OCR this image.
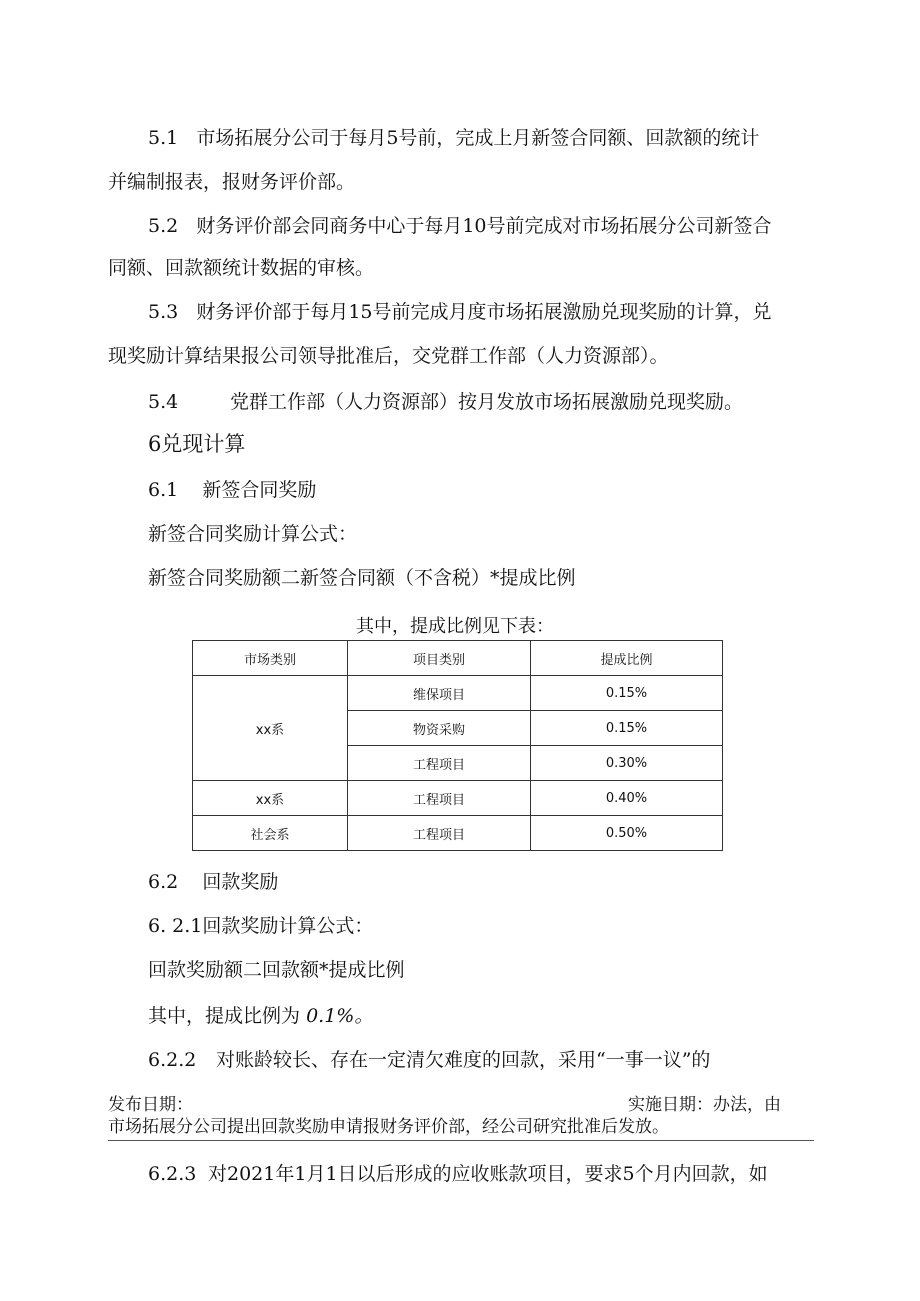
5.1 市场拓展分公司于每月5号前，完成上月新签合同额、回款额的统计
并编制报表，报财务评价部。
5.2 财务评价部会同商务中心于每月10号前完成对市场拓展分公司新签合
同额、回款额统计数据的审核。
5.3 财务评价部于每月15号前完成月度市场拓展激励兑现奖励的计算，兑
现奖励计算结果报公司领导批准后，交党群工作部（人力资源部）。
5.4	党群工作部（人力资源部）按月发放市场拓展激励兑现奖励。
6兑现计算
6.1 新签合同奖励
新签合同奖励计算公式：
新签合同奖励额二新签合同额（不含税）*提成比例
其中，提成比例见下表：
市场类别	项目类别	提成比例
xx系	维保项目	0.15%
	物资采购	0.15%
	工程项目	0.30%
xx系	工程项目	0.40%
社会系	工程项目	0.50%
6.2 回款奖励
6. 2.1回款奖励计算公式：
回款奖励额二回款额*提成比例
其中，提成比例为 0.1%。
6.2.2 对账龄较长、存在一定清欠难度的回款，采用“一事一议”的
发布日期：	实施日期：办法，由
市场拓展分公司提出回款奖励申请报财务评价部，经公司研究批准后发放。
6.2.3 对2021年1月1日以后形成的应收账款项目，要求5个月内回款，如
